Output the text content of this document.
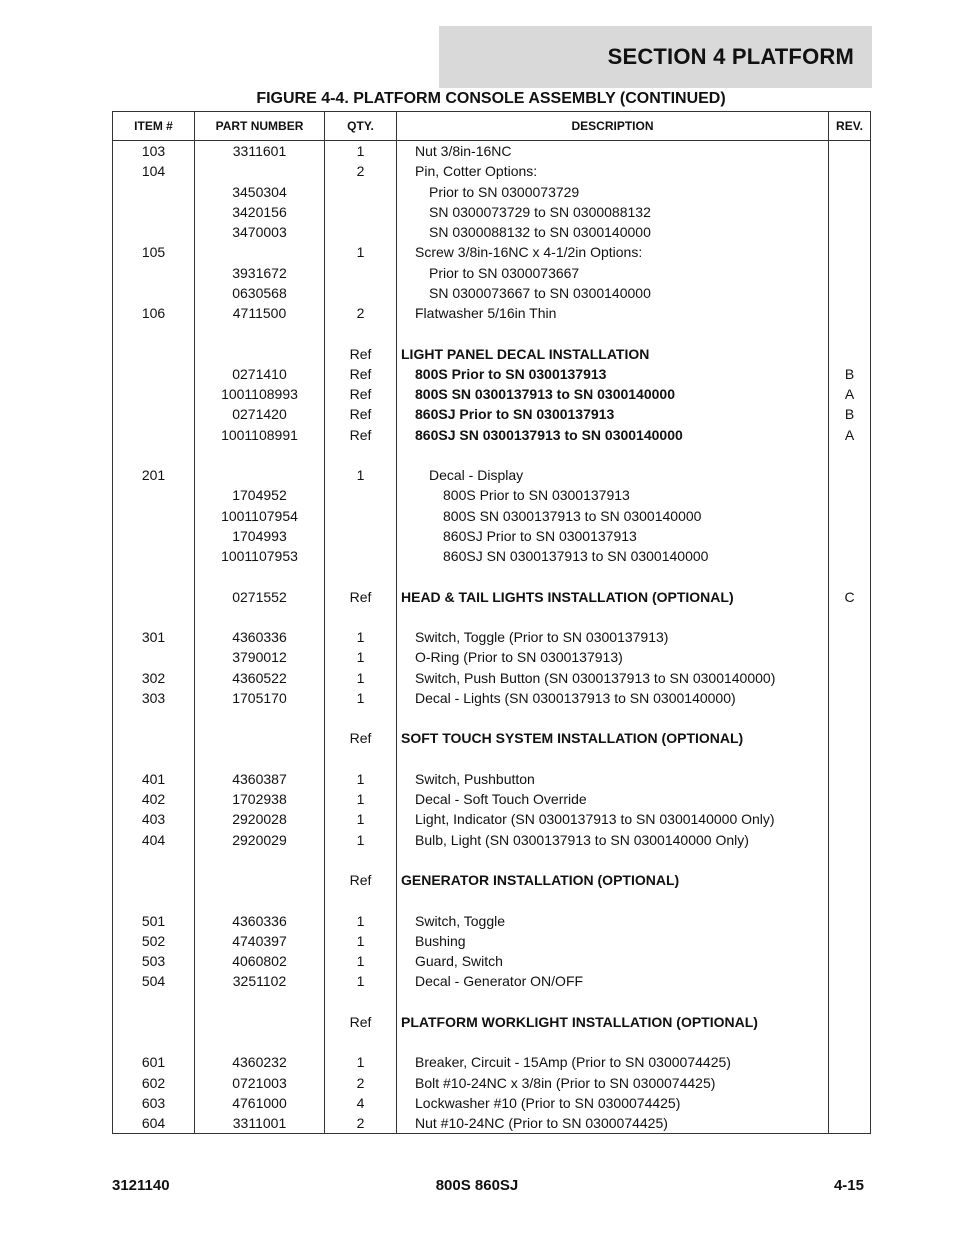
SECTION 4 PLATFORM
FIGURE 4-4. PLATFORM CONSOLE ASSEMBLY (CONTINUED)
ITEM #	PART NUMBER	QTY.	DESCRIPTION	REV.
103	3311601	1	Nut 3/8in-16NC	
104		2	Pin, Cotter Options:	
	3450304		Prior to SN 0300073729	
	3420156		SN 0300073729 to SN 0300088132	
	3470003		SN 0300088132 to SN 0300140000	
105		1	Screw 3/8in-16NC x 4-1/2in Options:	
	3931672		Prior to SN 0300073667	
	0630568		SN 0300073667 to SN 0300140000	
106	4711500	2	Flatwasher 5/16in Thin	

		Ref	LIGHT PANEL DECAL INSTALLATION	
	0271410	Ref	800S Prior to SN 0300137913	B
	1001108993	Ref	800S SN 0300137913 to SN 0300140000	A
	0271420	Ref	860SJ Prior to SN 0300137913	B
	1001108991	Ref	860SJ SN 0300137913 to SN 0300140000	A

201		1	Decal - Display	
	1704952		800S Prior to SN 0300137913	
	1001107954		800S SN 0300137913 to SN 0300140000	
	1704993		860SJ Prior to SN 0300137913	
	1001107953		860SJ SN 0300137913 to SN 0300140000	

	0271552	Ref	HEAD & TAIL LIGHTS INSTALLATION (OPTIONAL)	C

301	4360336	1	Switch, Toggle (Prior to SN 0300137913)	
	3790012	1	O-Ring (Prior to SN 0300137913)	
302	4360522	1	Switch, Push Button (SN 0300137913 to SN 0300140000)	
303	1705170	1	Decal - Lights (SN 0300137913 to SN 0300140000)	

		Ref	SOFT TOUCH SYSTEM INSTALLATION (OPTIONAL)	

401	4360387	1	Switch, Pushbutton	
402	1702938	1	Decal - Soft Touch Override	
403	2920028	1	Light, Indicator (SN 0300137913 to SN 0300140000 Only)	
404	2920029	1	Bulb, Light (SN 0300137913 to SN 0300140000 Only)	

		Ref	GENERATOR INSTALLATION (OPTIONAL)	

501	4360336	1	Switch, Toggle	
502	4740397	1	Bushing	
503	4060802	1	Guard, Switch	
504	3251102	1	Decal - Generator ON/OFF	

		Ref	PLATFORM WORKLIGHT INSTALLATION (OPTIONAL)	

601	4360232	1	Breaker, Circuit - 15Amp (Prior to SN 0300074425)	
602	0721003	2	Bolt #10-24NC x 3/8in (Prior to SN 0300074425)	
603	4761000	4	Lockwasher #10 (Prior to SN 0300074425)	
604	3311001	2	Nut #10-24NC (Prior to SN 0300074425)	
3121140	800S 860SJ	4-15
